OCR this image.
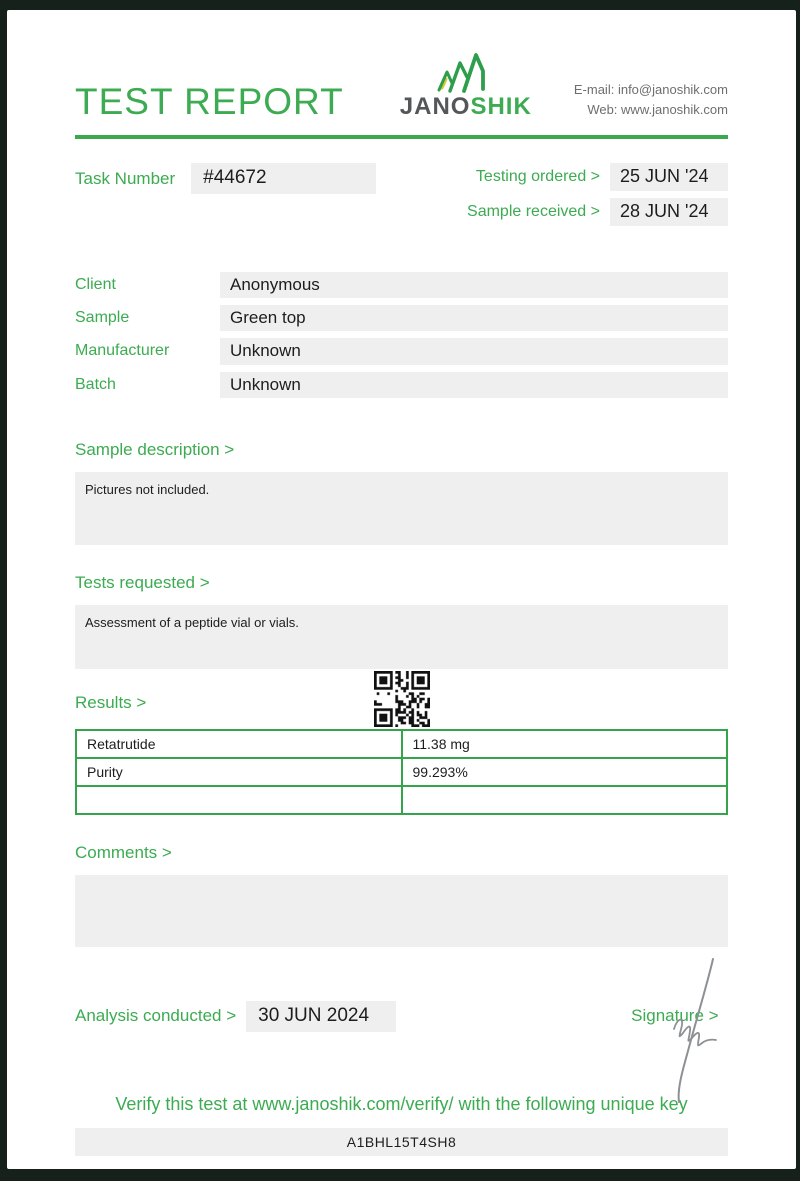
TEST REPORT JANOSHIK
E-mail: info@janoshik.com
Web: www.janoshik.com
Task Number	#44672	Testing ordered >	25 JUN '24
Sample received >	28 JUN '24
Client	Anonymous
Sample	Green top
Manufacturer	Unknown
Batch	Unknown
Sample description >
Pictures not included.
Tests requested >
Assessment of a peptide vial or vials.
Results >
Retatrutide	11.38 mg
Purity	99.293%

Comments >
Analysis conducted >	30 JUN 2024	Signature >
Verify this test at www.janoshik.com/verify/ with the following unique key
A1BHL15T4SH8
